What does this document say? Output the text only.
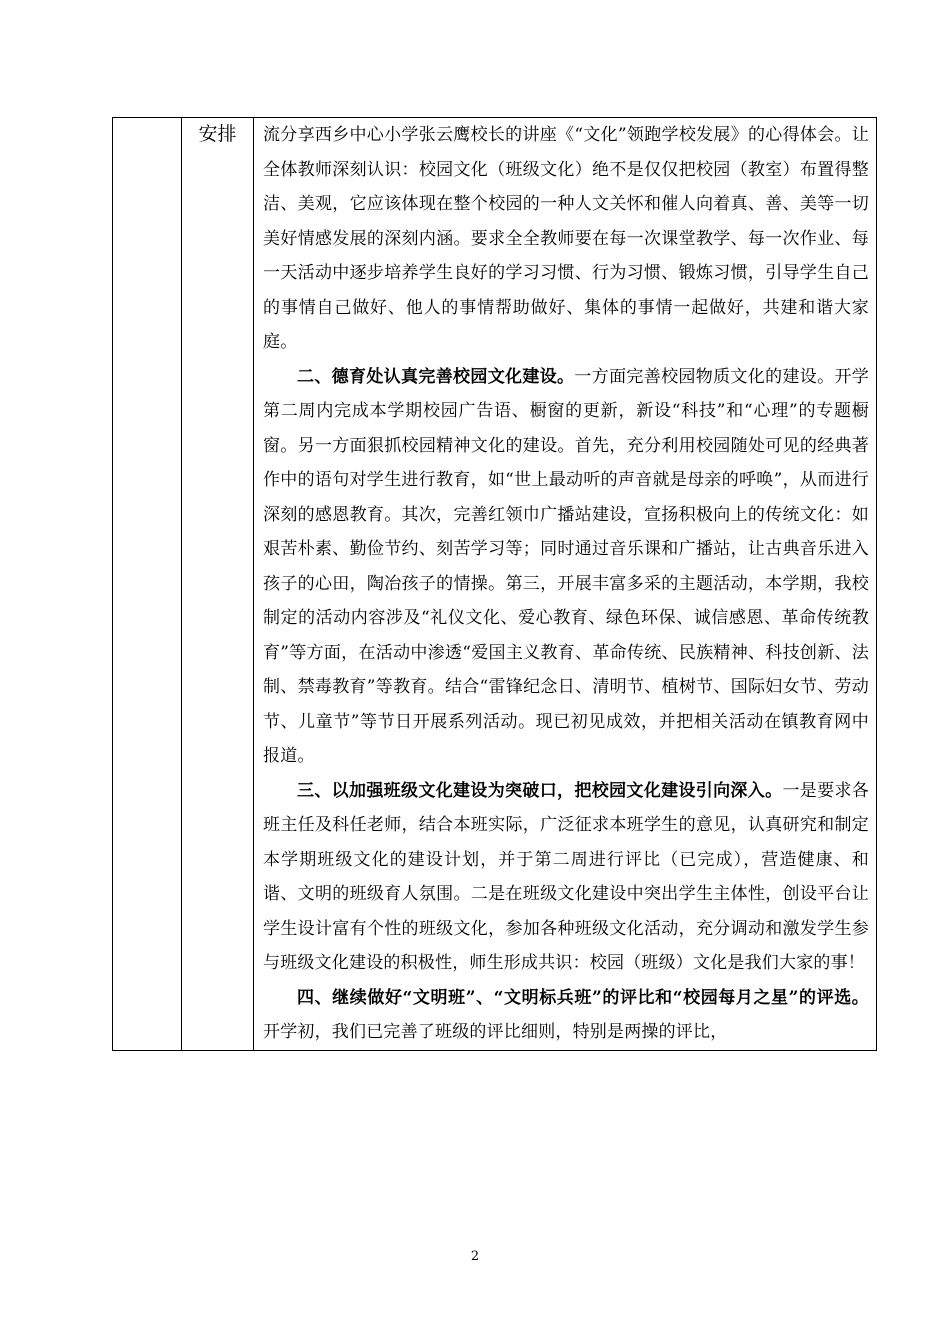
安排	流分享西乡中心小学张云鹰校长的讲座《“文化”领跑学校发展》的心得体会。让全体教师深刻认识：校园文化（班级文化）绝不是仅仅把校园（教室）布置得整洁、美观，它应该体现在整个校园的一种人文关怀和催人向着真、善、美等一切美好情感发展的深刻内涵。要求全全教师要在每一次课堂教学、每一次作业、每一天活动中逐步培养学生良好的学习习惯、行为习惯、锻炼习惯，引导学生自己的事情自己做好、他人的事情帮助做好、集体的事情一起做好，共建和谐大家庭。

二、德育处认真完善校园文化建设。一方面完善校园物质文化的建设。开学第二周内完成本学期校园广告语、橱窗的更新，新设“科技”和“心理”的专题橱窗。另一方面狠抓校园精神文化的建设。首先，充分利用校园随处可见的经典著作中的语句对学生进行教育，如“世上最动听的声音就是母亲的呼唤”，从而进行深刻的感恩教育。其次，完善红领巾广播站建设，宣扬积极向上的传统文化：如艰苦朴素、勤俭节约、刻苦学习等；同时通过音乐课和广播站，让古典音乐进入孩子的心田，陶冶孩子的情操。第三，开展丰富多采的主题活动，本学期，我校制定的活动内容涉及“礼仪文化、爱心教育、绿色环保、诚信感恩、革命传统教育”等方面，在活动中渗透“爱国主义教育、革命传统、民族精神、科技创新、法制、禁毒教育”等教育。结合“雷锋纪念日、清明节、植树节、国际妇女节、劳动节、儿童节”等节日开展系列活动。现已初见成效，并把相关活动在镇教育网中报道。

三、以加强班级文化建设为突破口，把校园文化建设引向深入。一是要求各班主任及科任老师，结合本班实际，广泛征求本班学生的意见，认真研究和制定本学期班级文化的建设计划，并于第二周进行评比（已完成），营造健康、和谐、文明的班级育人氛围。二是在班级文化建设中突出学生主体性，创设平台让学生设计富有个性的班级文化，参加各种班级文化活动，充分调动和激发学生参与班级文化建设的积极性，师生形成共识：校园（班级）文化是我们大家的事！

四、继续做好“文明班”、“文明标兵班”的评比和“校园每月之星”的评选。开学初，我们已完善了班级的评比细则，特别是两操的评比，

2
